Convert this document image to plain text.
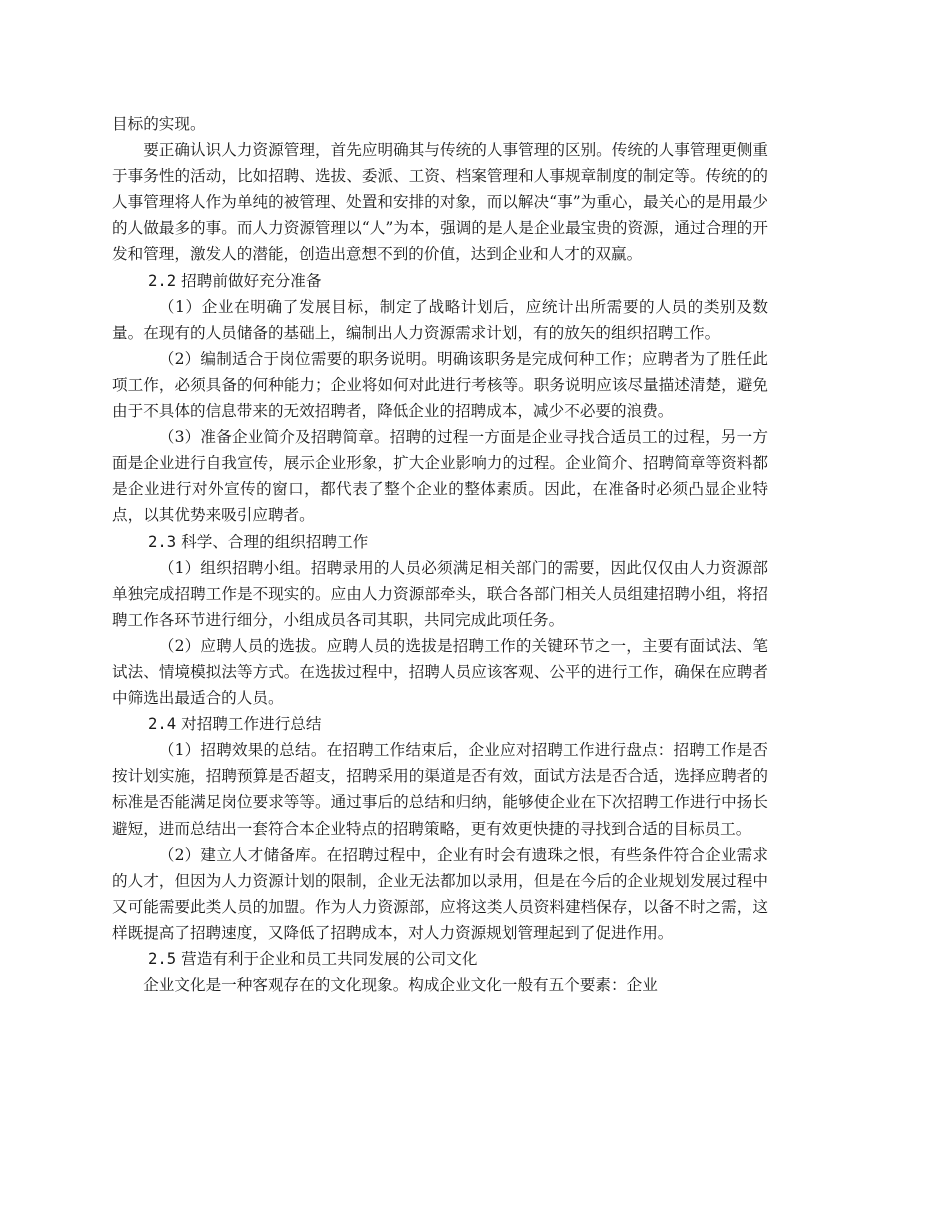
目标的实现。

要正确认识人力资源管理，首先应明确其与传统的人事管理的区别。传统的人事管理更侧重于事务性的活动，比如招聘、选拔、委派、工资、档案管理和人事规章制度的制定等。传统的的人事管理将人作为单纯的被管理、处置和安排的对象，而以解决“事”为重心，最关心的是用最少的人做最多的事。而人力资源管理以“人”为本，强调的是人是企业最宝贵的资源，通过合理的开发和管理，激发人的潜能，创造出意想不到的价值，达到企业和人才的双赢。

2.2 招聘前做好充分准备

（1）企业在明确了发展目标，制定了战略计划后，应统计出所需要的人员的类别及数量。在现有的人员储备的基础上，编制出人力资源需求计划，有的放矢的组织招聘工作。

（2）编制适合于岗位需要的职务说明。明确该职务是完成何种工作；应聘者为了胜任此项工作，必须具备的何种能力；企业将如何对此进行考核等。职务说明应该尽量描述清楚，避免由于不具体的信息带来的无效招聘者，降低企业的招聘成本，减少不必要的浪费。

（3）准备企业简介及招聘简章。招聘的过程一方面是企业寻找合适员工的过程，另一方面是企业进行自我宣传，展示企业形象，扩大企业影响力的过程。企业简介、招聘简章等资料都是企业进行对外宣传的窗口，都代表了整个企业的整体素质。因此，在准备时必须凸显企业特点，以其优势来吸引应聘者。

2.3 科学、合理的组织招聘工作

（1）组织招聘小组。招聘录用的人员必须满足相关部门的需要，因此仅仅由人力资源部单独完成招聘工作是不现实的。应由人力资源部牵头，联合各部门相关人员组建招聘小组，将招聘工作各环节进行细分，小组成员各司其职，共同完成此项任务。

（2）应聘人员的选拔。应聘人员的选拔是招聘工作的关键环节之一，主要有面试法、笔试法、情境模拟法等方式。在选拔过程中，招聘人员应该客观、公平的进行工作，确保在应聘者中筛选出最适合的人员。

2.4 对招聘工作进行总结

（1）招聘效果的总结。在招聘工作结束后，企业应对招聘工作进行盘点：招聘工作是否按计划实施，招聘预算是否超支，招聘采用的渠道是否有效，面试方法是否合适，选择应聘者的标准是否能满足岗位要求等等。通过事后的总结和归纳，能够使企业在下次招聘工作进行中扬长避短，进而总结出一套符合本企业特点的招聘策略，更有效更快捷的寻找到合适的目标员工。

（2）建立人才储备库。在招聘过程中，企业有时会有遗珠之恨，有些条件符合企业需求的人才，但因为人力资源计划的限制，企业无法都加以录用，但是在今后的企业规划发展过程中又可能需要此类人员的加盟。作为人力资源部，应将这类人员资料建档保存，以备不时之需，这样既提高了招聘速度，又降低了招聘成本，对人力资源规划管理起到了促进作用。

2.5 营造有利于企业和员工共同发展的公司文化

企业文化是一种客观存在的文化现象。构成企业文化一般有五个要素：企业
